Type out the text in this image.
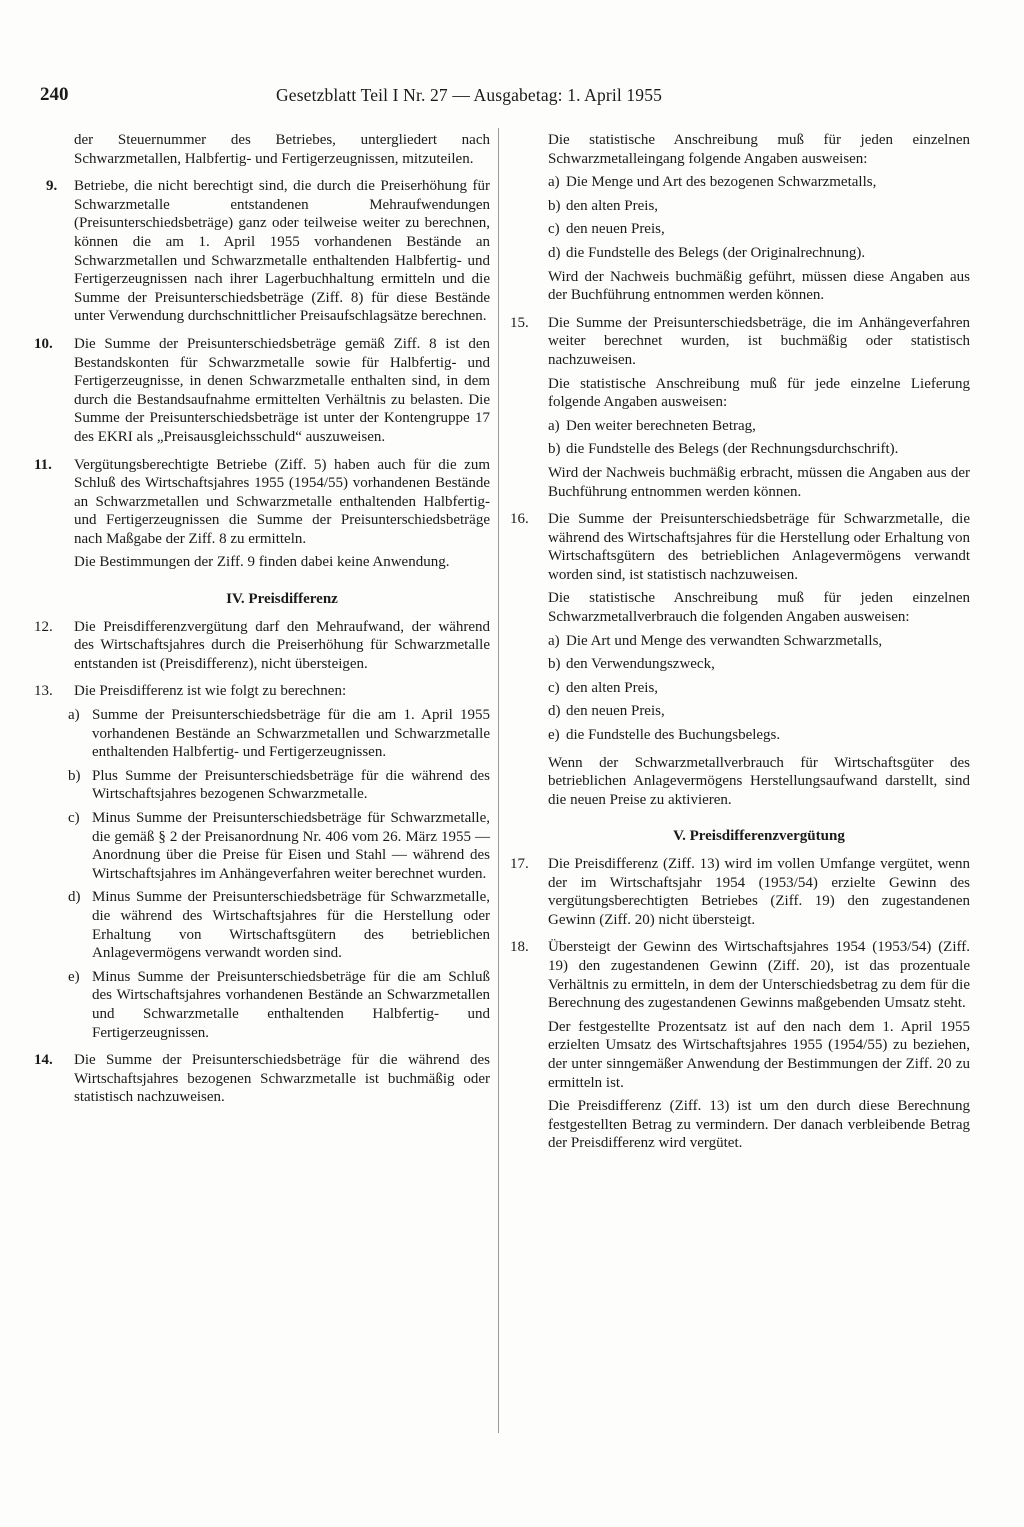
240	Gesetzblatt Teil I Nr. 27 — Ausgabetag: 1. April 1955

der Steuernummer des Betriebes, untergliedert nach Schwarzmetallen, Halbfertig- und Fertigerzeugnissen, mitzuteilen.

9. Betriebe, die nicht berechtigt sind, die durch die Preiserhöhung für Schwarzmetalle entstandenen Mehraufwendungen (Preisunterschiedsbeträge) ganz oder teilweise weiter zu berechnen, können die am 1. April 1955 vorhandenen Bestände an Schwarzmetallen und Schwarzmetalle enthaltenden Halbfertig- und Fertigerzeugnissen nach ihrer Lagerbuchhaltung ermitteln und die Summe der Preisunterschiedsbeträge (Ziff. 8) für diese Bestände unter Verwendung durchschnittlicher Preisaufschlagsätze berechnen.
10. Die Summe der Preisunterschiedsbeträge gemäß Ziff. 8 ist den Bestandskonten für Schwarzmetalle sowie für Halbfertig- und Fertigerzeugnisse, in denen Schwarzmetalle enthalten sind, in dem durch die Bestandsaufnahme ermittelten Verhältnis zu belasten. Die Summe der Preisunterschiedsbeträge ist unter der Kontengruppe 17 des EKRI als „Preisausgleichsschuld“ auszuweisen.
11. Vergütungsberechtigte Betriebe (Ziff. 5) haben auch für die zum Schluß des Wirtschaftsjahres 1955 (1954/55) vorhandenen Bestände an Schwarzmetallen und Schwarzmetalle enthaltenden Halbfertig- und Fertigerzeugnissen die Summe der Preisunterschiedsbeträge nach Maßgabe der Ziff. 8 zu ermitteln.

Die Bestimmungen der Ziff. 9 finden dabei keine Anwendung.

IV. Preisdifferenz

12. Die Preisdifferenzvergütung darf den Mehraufwand, der während des Wirtschaftsjahres durch die Preiserhöhung für Schwarzmetalle entstanden ist (Preisdifferenz), nicht übersteigen.
13. Die Preisdifferenz ist wie folgt zu berechnen:
a) Summe der Preisunterschiedsbeträge für die am 1. April 1955 vorhandenen Bestände an Schwarzmetallen und Schwarzmetalle enthaltenden Halbfertig- und Fertigerzeugnissen.
b) Plus Summe der Preisunterschiedsbeträge für die während des Wirtschaftsjahres bezogenen Schwarzmetalle.
c) Minus Summe der Preisunterschiedsbeträge für Schwarzmetalle, die gemäß § 2 der Preisanordnung Nr. 406 vom 26. März 1955 — Anordnung über die Preise für Eisen und Stahl — während des Wirtschaftsjahres im Anhängeverfahren weiter berechnet wurden.
d) Minus Summe der Preisunterschiedsbeträge für Schwarzmetalle, die während des Wirtschaftsjahres für die Herstellung oder Erhaltung von Wirtschaftsgütern des betrieblichen Anlagevermögens verwandt worden sind.
e) Minus Summe der Preisunterschiedsbeträge für die am Schluß des Wirtschaftsjahres vorhandenen Bestände an Schwarzmetallen und Schwarzmetalle enthaltenden Halbfertig- und Fertigerzeugnissen.
14. Die Summe der Preisunterschiedsbeträge für die während des Wirtschaftsjahres bezogenen Schwarzmetalle ist buchmäßig oder statistisch nachzuweisen.

Die statistische Anschreibung muß für jeden einzelnen Schwarzmetalleingang folgende Angaben ausweisen:

a) Die Menge und Art des bezogenen Schwarzmetalls,
b) den alten Preis,
c) den neuen Preis,
d) die Fundstelle des Belegs (der Originalrechnung).

Wird der Nachweis buchmäßig geführt, müssen diese Angaben aus der Buchführung entnommen werden können.

15. Die Summe der Preisunterschiedsbeträge, die im Anhängeverfahren weiter berechnet wurden, ist buchmäßig oder statistisch nachzuweisen.

Die statistische Anschreibung muß für jede einzelne Lieferung folgende Angaben ausweisen:

a) Den weiter berechneten Betrag,
b) die Fundstelle des Belegs (der Rechnungsdurchschrift).

Wird der Nachweis buchmäßig erbracht, müssen die Angaben aus der Buchführung entnommen werden können.

16. Die Summe der Preisunterschiedsbeträge für Schwarzmetalle, die während des Wirtschaftsjahres für die Herstellung oder Erhaltung von Wirtschaftsgütern des betrieblichen Anlagevermögens verwandt worden sind, ist statistisch nachzuweisen.

Die statistische Anschreibung muß für jeden einzelnen Schwarzmetallverbrauch die folgenden Angaben ausweisen:

a) Die Art und Menge des verwandten Schwarzmetalls,
b) den Verwendungszweck,
c) den alten Preis,
d) den neuen Preis,
e) die Fundstelle des Buchungsbelegs.

Wenn der Schwarzmetallverbrauch für Wirtschaftsgüter des betrieblichen Anlagevermögens Herstellungsaufwand darstellt, sind die neuen Preise zu aktivieren.

V. Preisdifferenzvergütung

17. Die Preisdifferenz (Ziff. 13) wird im vollen Umfange vergütet, wenn der im Wirtschaftsjahr 1954 (1953/54) erzielte Gewinn des vergütungsberechtigten Betriebes (Ziff. 19) den zugestandenen Gewinn (Ziff. 20) nicht übersteigt.
18. Übersteigt der Gewinn des Wirtschaftsjahres 1954 (1953/54) (Ziff. 19) den zugestandenen Gewinn (Ziff. 20), ist das prozentuale Verhältnis zu ermitteln, in dem der Unterschiedsbetrag zu dem für die Berechnung des zugestandenen Gewinns maßgebenden Umsatz steht.

Der festgestellte Prozentsatz ist auf den nach dem 1. April 1955 erzielten Umsatz des Wirtschaftsjahres 1955 (1954/55) zu beziehen, der unter sinngemäßer Anwendung der Bestimmungen der Ziff. 20 zu ermitteln ist.

Die Preisdifferenz (Ziff. 13) ist um den durch diese Berechnung festgestellten Betrag zu vermindern. Der danach verbleibende Betrag der Preisdifferenz wird vergütet.
